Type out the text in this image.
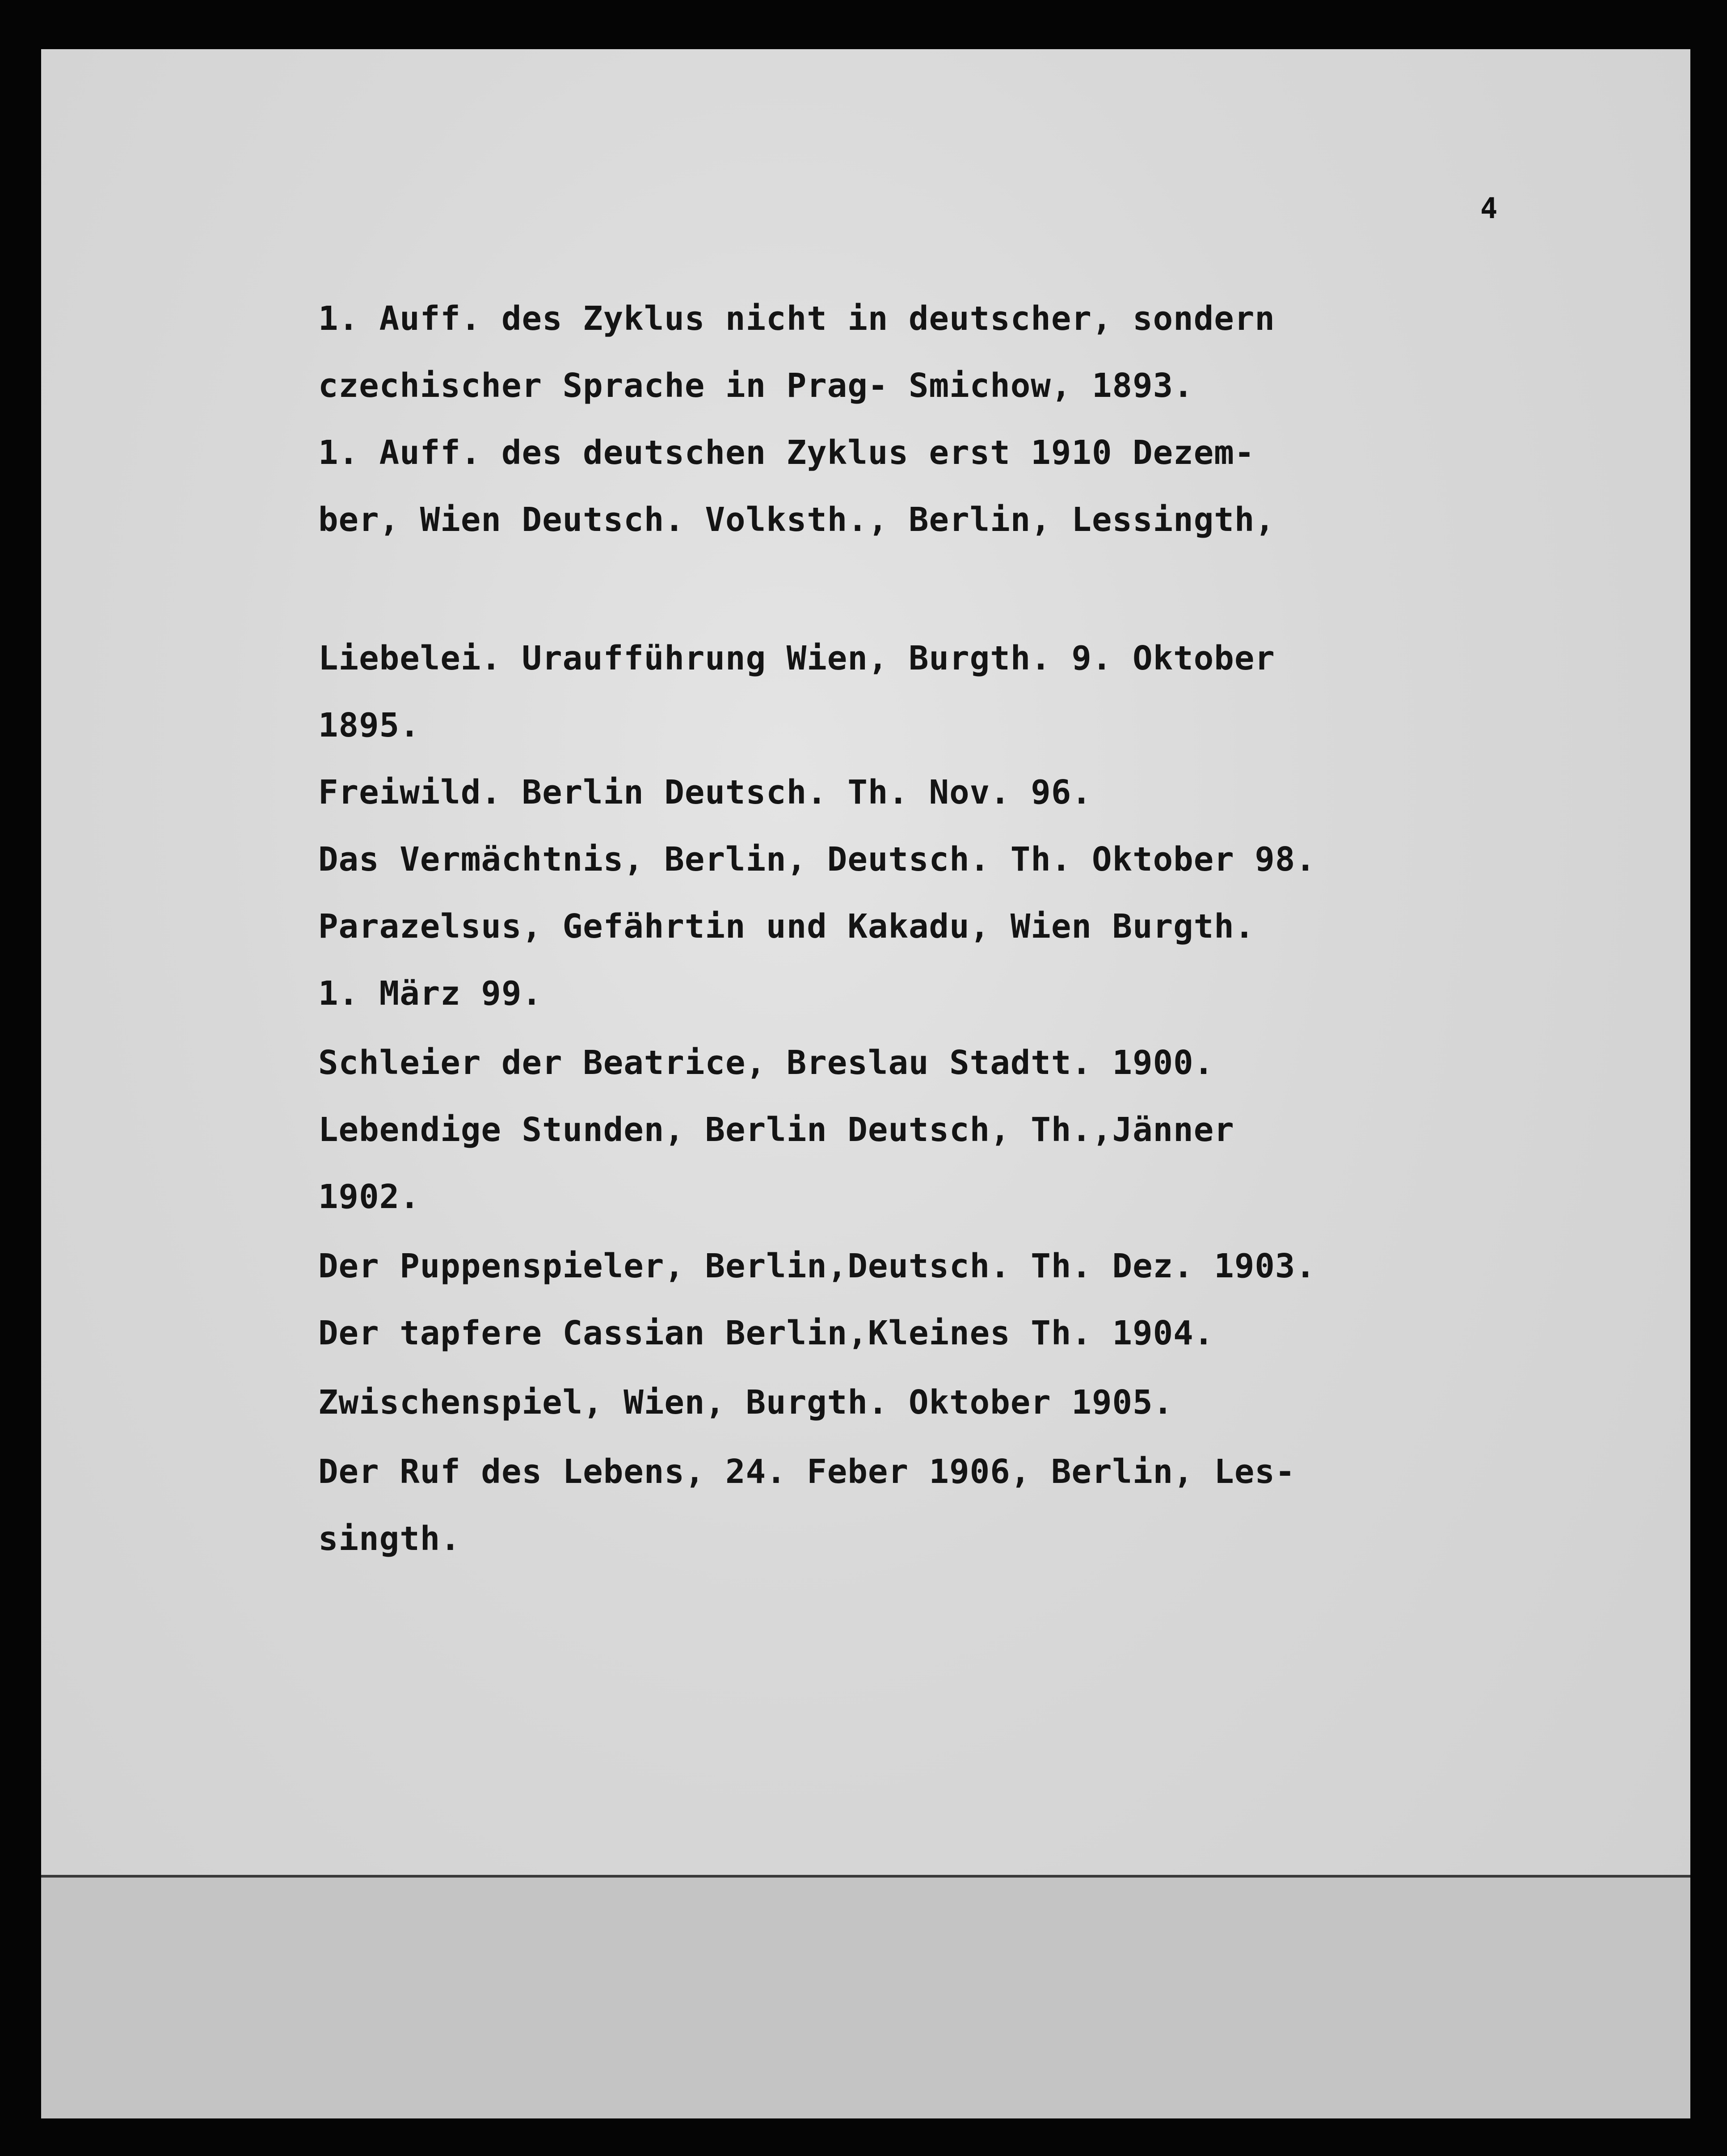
4
1. Auff. des Zyklus nicht in deutscher, sondern
czechischer Sprache in Prag- Smichow, 1893.
1. Auff. des deutschen Zyklus erst 1910 Dezem-
ber, Wien Deutsch. Volksth., Berlin, Lessingth,
Liebelei. Uraufführung Wien, Burgth. 9. Oktober
1895.
Freiwild. Berlin Deutsch. Th. Nov. 96.
Das Vermächtnis, Berlin, Deutsch. Th. Oktober 98.
Parazelsus, Gefährtin und Kakadu, Wien Burgth.
1. März 99.
Schleier der Beatrice, Breslau Stadtt. 1900.
Lebendige Stunden, Berlin Deutsch, Th.,Jänner
1902.
Der Puppenspieler, Berlin,Deutsch. Th. Dez. 1903.
Der tapfere Cassian Berlin,Kleines Th. 1904.
Zwischenspiel, Wien, Burgth. Oktober 1905.
Der Ruf des Lebens, 24. Feber 1906, Berlin, Les-
singth.
